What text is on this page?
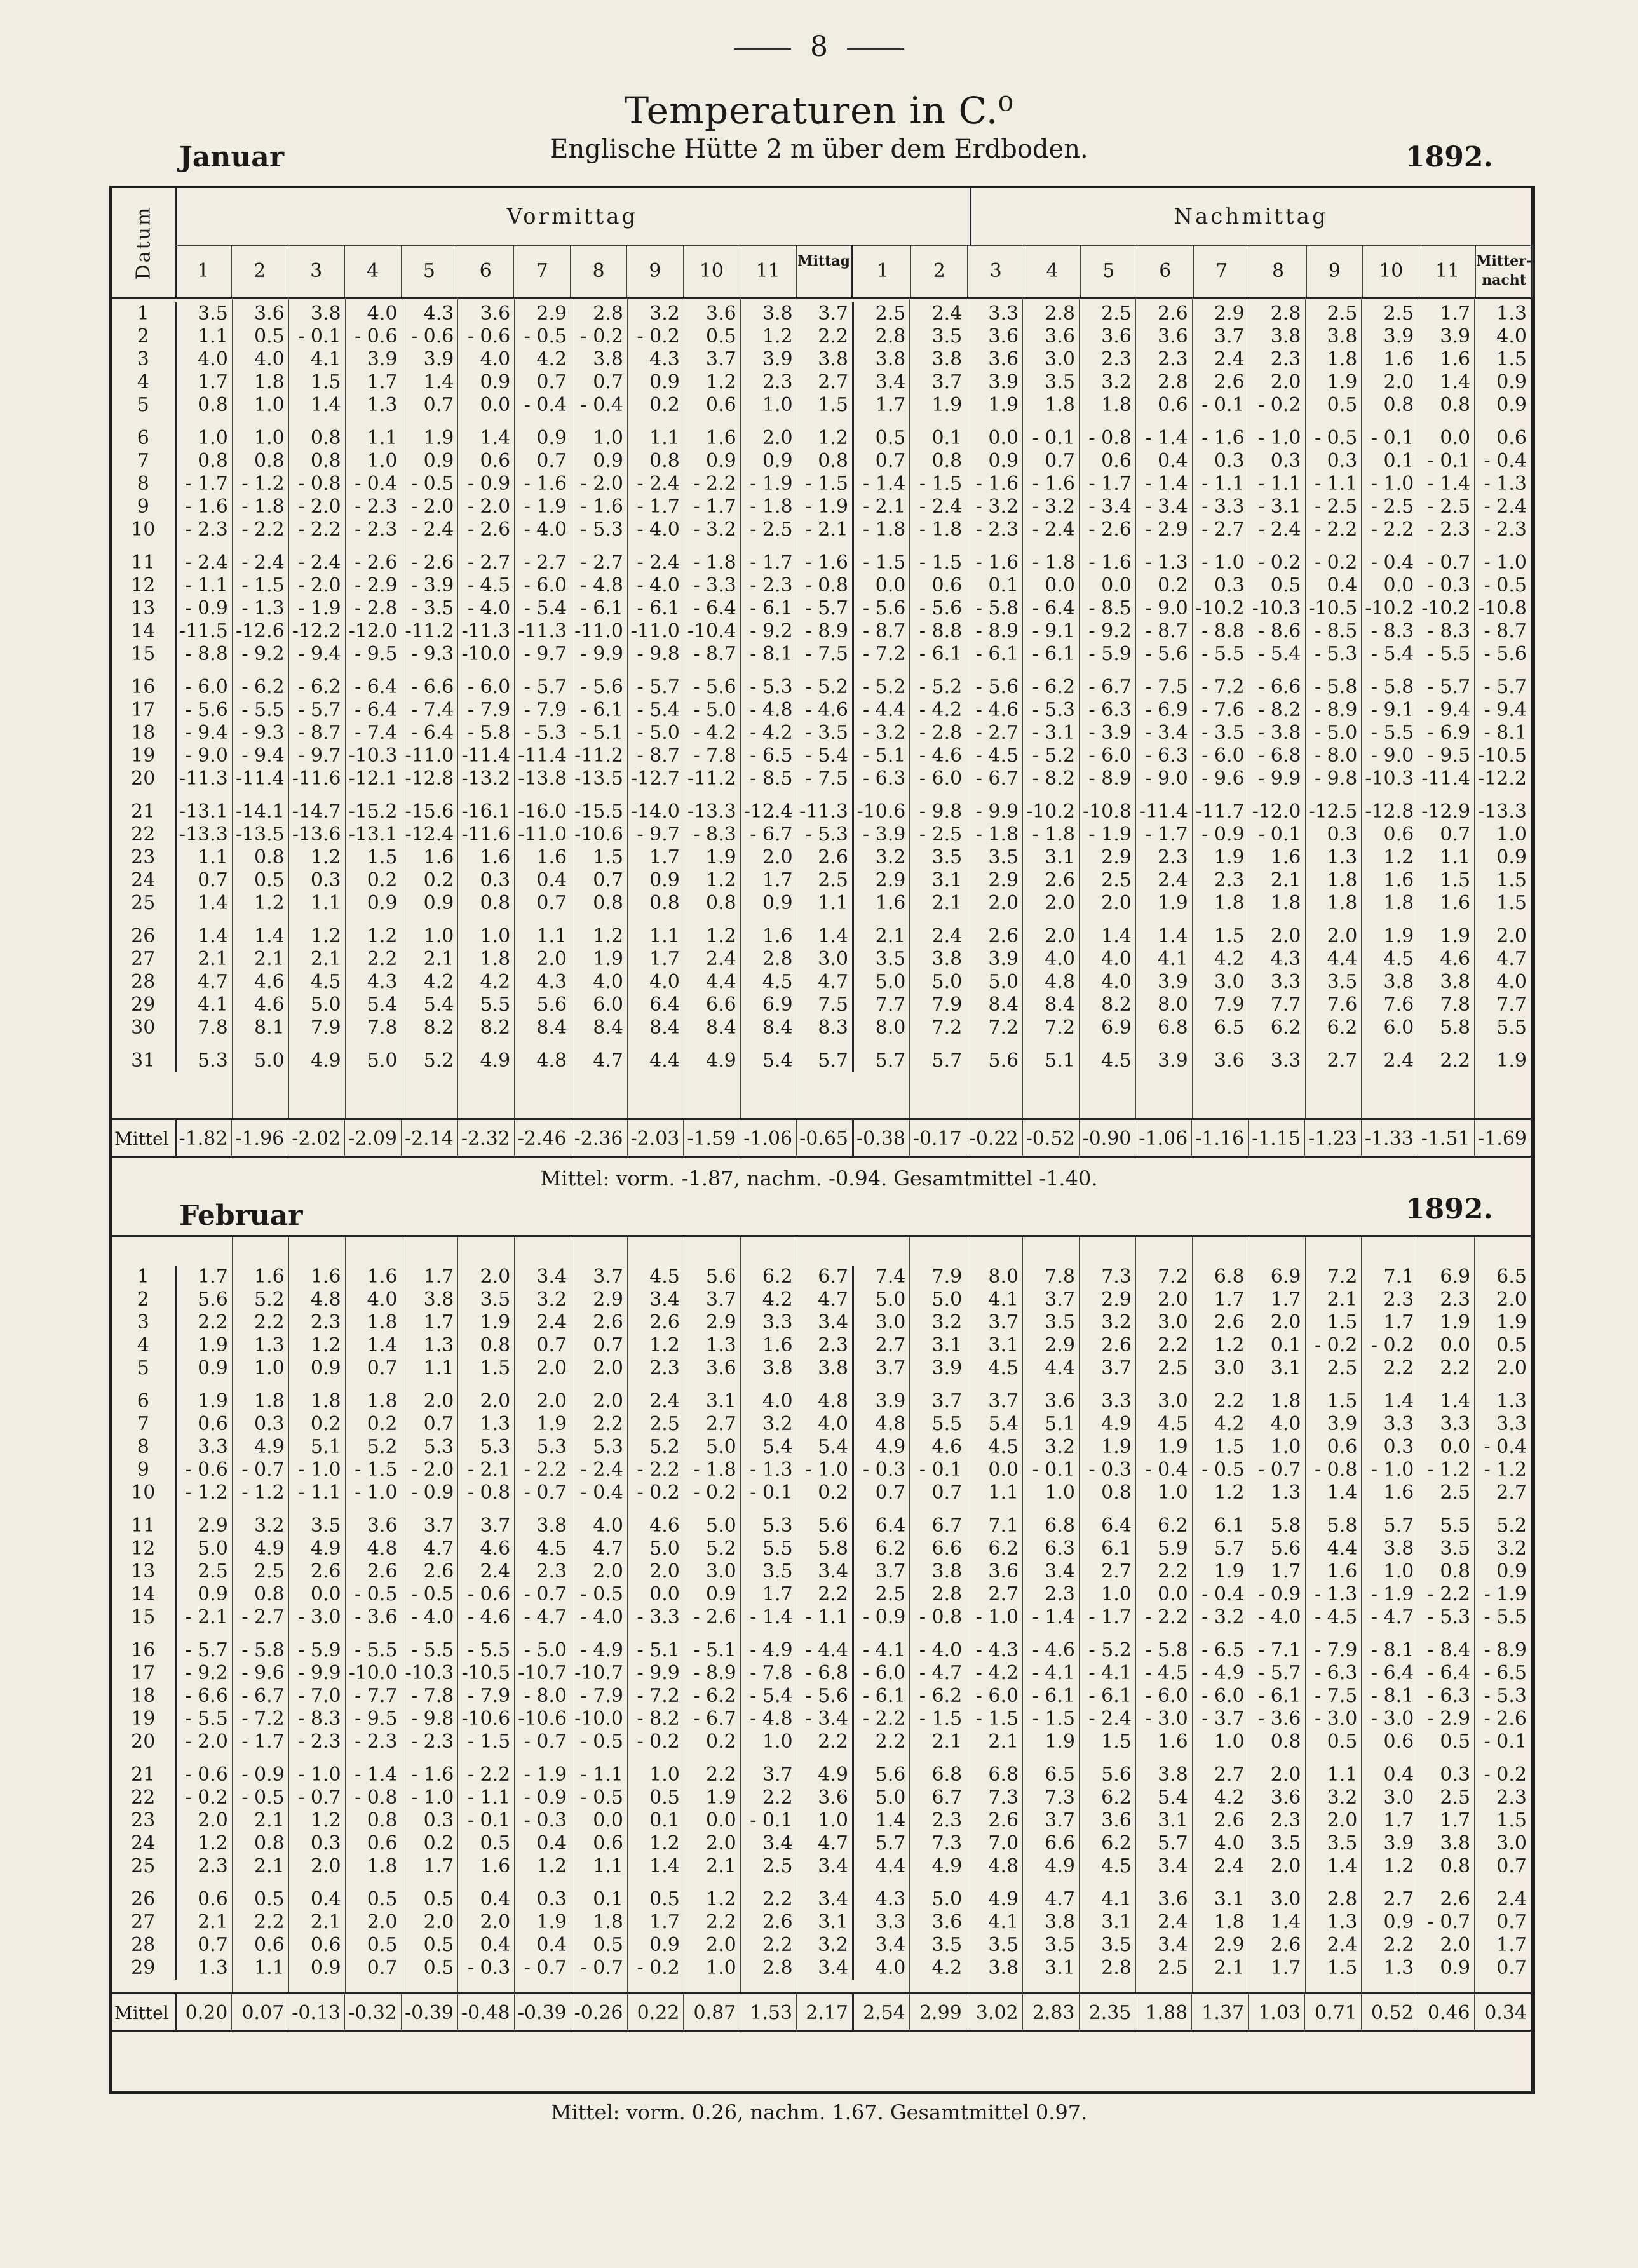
8
Temperaturen in C.⁰
Englische Hütte 2 m über dem Erdboden.
Januar	1892.
Datum	Vormittag	Nachmittag
1	2	3	4	5	6	7	8	9	10	11	Mittag	1	2	3	4	5	6	7	8	9	10	11	Mitter-nacht
1	3.5	3.6	3.8	4.0	4.3	3.6	2.9	2.8	3.2	3.6	3.8	3.7	2.5	2.4	3.3	2.8	2.5	2.6	2.9	2.8	2.5	2.5	1.7	1.3
2	1.1	0.5	- 0.1	- 0.6	- 0.6	- 0.6	- 0.5	- 0.2	- 0.2	0.5	1.2	2.2	2.8	3.5	3.6	3.6	3.6	3.6	3.7	3.8	3.8	3.9	3.9	4.0
3	4.0	4.0	4.1	3.9	3.9	4.0	4.2	3.8	4.3	3.7	3.9	3.8	3.8	3.8	3.6	3.0	2.3	2.3	2.4	2.3	1.8	1.6	1.6	1.5
4	1.7	1.8	1.5	1.7	1.4	0.9	0.7	0.7	0.9	1.2	2.3	2.7	3.4	3.7	3.9	3.5	3.2	2.8	2.6	2.0	1.9	2.0	1.4	0.9
5	0.8	1.0	1.4	1.3	0.7	0.0	- 0.4	- 0.4	0.2	0.6	1.0	1.5	1.7	1.9	1.9	1.8	1.8	0.6	- 0.1	- 0.2	0.5	0.8	0.8	0.9

6	1.0	1.0	0.8	1.1	1.9	1.4	0.9	1.0	1.1	1.6	2.0	1.2	0.5	0.1	0.0	- 0.1	- 0.8	- 1.4	- 1.6	- 1.0	- 0.5	- 0.1	0.0	0.6
7	0.8	0.8	0.8	1.0	0.9	0.6	0.7	0.9	0.8	0.9	0.9	0.8	0.7	0.8	0.9	0.7	0.6	0.4	0.3	0.3	0.3	0.1	- 0.1	- 0.4
8	- 1.7	- 1.2	- 0.8	- 0.4	- 0.5	- 0.9	- 1.6	- 2.0	- 2.4	- 2.2	- 1.9	- 1.5	- 1.4	- 1.5	- 1.6	- 1.6	- 1.7	- 1.4	- 1.1	- 1.1	- 1.1	- 1.0	- 1.4	- 1.3
9	- 1.6	- 1.8	- 2.0	- 2.3	- 2.0	- 2.0	- 1.9	- 1.6	- 1.7	- 1.7	- 1.8	- 1.9	- 2.1	- 2.4	- 3.2	- 3.2	- 3.4	- 3.4	- 3.3	- 3.1	- 2.5	- 2.5	- 2.5	- 2.4
10	- 2.3	- 2.2	- 2.2	- 2.3	- 2.4	- 2.6	- 4.0	- 5.3	- 4.0	- 3.2	- 2.5	- 2.1	- 1.8	- 1.8	- 2.3	- 2.4	- 2.6	- 2.9	- 2.7	- 2.4	- 2.2	- 2.2	- 2.3	- 2.3

11	- 2.4	- 2.4	- 2.4	- 2.6	- 2.6	- 2.7	- 2.7	- 2.7	- 2.4	- 1.8	- 1.7	- 1.6	- 1.5	- 1.5	- 1.6	- 1.8	- 1.6	- 1.3	- 1.0	- 0.2	- 0.2	- 0.4	- 0.7	- 1.0
12	- 1.1	- 1.5	- 2.0	- 2.9	- 3.9	- 4.5	- 6.0	- 4.8	- 4.0	- 3.3	- 2.3	- 0.8	0.0	0.6	0.1	0.0	0.0	0.2	0.3	0.5	0.4	0.0	- 0.3	- 0.5
13	- 0.9	- 1.3	- 1.9	- 2.8	- 3.5	- 4.0	- 5.4	- 6.1	- 6.1	- 6.4	- 6.1	- 5.7	- 5.6	- 5.6	- 5.8	- 6.4	- 8.5	- 9.0	-10.2	-10.3	-10.5	-10.2	-10.2	-10.8
14	-11.5	-12.6	-12.2	-12.0	-11.2	-11.3	-11.3	-11.0	-11.0	-10.4	- 9.2	- 8.9	- 8.7	- 8.8	- 8.9	- 9.1	- 9.2	- 8.7	- 8.8	- 8.6	- 8.5	- 8.3	- 8.3	- 8.7
15	- 8.8	- 9.2	- 9.4	- 9.5	- 9.3	-10.0	- 9.7	- 9.9	- 9.8	- 8.7	- 8.1	- 7.5	- 7.2	- 6.1	- 6.1	- 6.1	- 5.9	- 5.6	- 5.5	- 5.4	- 5.3	- 5.4	- 5.5	- 5.6

16	- 6.0	- 6.2	- 6.2	- 6.4	- 6.6	- 6.0	- 5.7	- 5.6	- 5.7	- 5.6	- 5.3	- 5.2	- 5.2	- 5.2	- 5.6	- 6.2	- 6.7	- 7.5	- 7.2	- 6.6	- 5.8	- 5.8	- 5.7	- 5.7
17	- 5.6	- 5.5	- 5.7	- 6.4	- 7.4	- 7.9	- 7.9	- 6.1	- 5.4	- 5.0	- 4.8	- 4.6	- 4.4	- 4.2	- 4.6	- 5.3	- 6.3	- 6.9	- 7.6	- 8.2	- 8.9	- 9.1	- 9.4	- 9.4
18	- 9.4	- 9.3	- 8.7	- 7.4	- 6.4	- 5.8	- 5.3	- 5.1	- 5.0	- 4.2	- 4.2	- 3.5	- 3.2	- 2.8	- 2.7	- 3.1	- 3.9	- 3.4	- 3.5	- 3.8	- 5.0	- 5.5	- 6.9	- 8.1
19	- 9.0	- 9.4	- 9.7	-10.3	-11.0	-11.4	-11.4	-11.2	- 8.7	- 7.8	- 6.5	- 5.4	- 5.1	- 4.6	- 4.5	- 5.2	- 6.0	- 6.3	- 6.0	- 6.8	- 8.0	- 9.0	- 9.5	-10.5
20	-11.3	-11.4	-11.6	-12.1	-12.8	-13.2	-13.8	-13.5	-12.7	-11.2	- 8.5	- 7.5	- 6.3	- 6.0	- 6.7	- 8.2	- 8.9	- 9.0	- 9.6	- 9.9	- 9.8	-10.3	-11.4	-12.2

21	-13.1	-14.1	-14.7	-15.2	-15.6	-16.1	-16.0	-15.5	-14.0	-13.3	-12.4	-11.3	-10.6	- 9.8	- 9.9	-10.2	-10.8	-11.4	-11.7	-12.0	-12.5	-12.8	-12.9	-13.3
22	-13.3	-13.5	-13.6	-13.1	-12.4	-11.6	-11.0	-10.6	- 9.7	- 8.3	- 6.7	- 5.3	- 3.9	- 2.5	- 1.8	- 1.8	- 1.9	- 1.7	- 0.9	- 0.1	0.3	0.6	0.7	1.0
23	1.1	0.8	1.2	1.5	1.6	1.6	1.6	1.5	1.7	1.9	2.0	2.6	3.2	3.5	3.5	3.1	2.9	2.3	1.9	1.6	1.3	1.2	1.1	0.9
24	0.7	0.5	0.3	0.2	0.2	0.3	0.4	0.7	0.9	1.2	1.7	2.5	2.9	3.1	2.9	2.6	2.5	2.4	2.3	2.1	1.8	1.6	1.5	1.5
25	1.4	1.2	1.1	0.9	0.9	0.8	0.7	0.8	0.8	0.8	0.9	1.1	1.6	2.1	2.0	2.0	2.0	1.9	1.8	1.8	1.8	1.8	1.6	1.5

26	1.4	1.4	1.2	1.2	1.0	1.0	1.1	1.2	1.1	1.2	1.6	1.4	2.1	2.4	2.6	2.0	1.4	1.4	1.5	2.0	2.0	1.9	1.9	2.0
27	2.1	2.1	2.1	2.2	2.1	1.8	2.0	1.9	1.7	2.4	2.8	3.0	3.5	3.8	3.9	4.0	4.0	4.1	4.2	4.3	4.4	4.5	4.6	4.7
28	4.7	4.6	4.5	4.3	4.2	4.2	4.3	4.0	4.0	4.4	4.5	4.7	5.0	5.0	5.0	4.8	4.0	3.9	3.0	3.3	3.5	3.8	3.8	4.0
29	4.1	4.6	5.0	5.4	5.4	5.5	5.6	6.0	6.4	6.6	6.9	7.5	7.7	7.9	8.4	8.4	8.2	8.0	7.9	7.7	7.6	7.6	7.8	7.7
30	7.8	8.1	7.9	7.8	8.2	8.2	8.4	8.4	8.4	8.4	8.4	8.3	8.0	7.2	7.2	7.2	6.9	6.8	6.5	6.2	6.2	6.0	5.8	5.5

31	5.3	5.0	4.9	5.0	5.2	4.9	4.8	4.7	4.4	4.9	5.4	5.7	5.7	5.7	5.6	5.1	4.5	3.9	3.6	3.3	2.7	2.4	2.2	1.9
Mittel	-1.82	-1.96	-2.02	-2.09	-2.14	-2.32	-2.46	-2.36	-2.03	-1.59	-1.06	-0.65	-0.38	-0.17	-0.22	-0.52	-0.90	-1.06	-1.16	-1.15	-1.23	-1.33	-1.51	-1.69
Mittel: vorm. -1.87, nachm. -0.94. Gesamtmittel -1.40.
Februar	1892.
1	1.7	1.6	1.6	1.6	1.7	2.0	3.4	3.7	4.5	5.6	6.2	6.7	7.4	7.9	8.0	7.8	7.3	7.2	6.8	6.9	7.2	7.1	6.9	6.5
2	5.6	5.2	4.8	4.0	3.8	3.5	3.2	2.9	3.4	3.7	4.2	4.7	5.0	5.0	4.1	3.7	2.9	2.0	1.7	1.7	2.1	2.3	2.3	2.0
3	2.2	2.2	2.3	1.8	1.7	1.9	2.4	2.6	2.6	2.9	3.3	3.4	3.0	3.2	3.7	3.5	3.2	3.0	2.6	2.0	1.5	1.7	1.9	1.9
4	1.9	1.3	1.2	1.4	1.3	0.8	0.7	0.7	1.2	1.3	1.6	2.3	2.7	3.1	3.1	2.9	2.6	2.2	1.2	0.1	- 0.2	- 0.2	0.0	0.5
5	0.9	1.0	0.9	0.7	1.1	1.5	2.0	2.0	2.3	3.6	3.8	3.8	3.7	3.9	4.5	4.4	3.7	2.5	3.0	3.1	2.5	2.2	2.2	2.0

6	1.9	1.8	1.8	1.8	2.0	2.0	2.0	2.0	2.4	3.1	4.0	4.8	3.9	3.7	3.7	3.6	3.3	3.0	2.2	1.8	1.5	1.4	1.4	1.3
7	0.6	0.3	0.2	0.2	0.7	1.3	1.9	2.2	2.5	2.7	3.2	4.0	4.8	5.5	5.4	5.1	4.9	4.5	4.2	4.0	3.9	3.3	3.3	3.3
8	3.3	4.9	5.1	5.2	5.3	5.3	5.3	5.3	5.2	5.0	5.4	5.4	4.9	4.6	4.5	3.2	1.9	1.9	1.5	1.0	0.6	0.3	0.0	- 0.4
9	- 0.6	- 0.7	- 1.0	- 1.5	- 2.0	- 2.1	- 2.2	- 2.4	- 2.2	- 1.8	- 1.3	- 1.0	- 0.3	- 0.1	0.0	- 0.1	- 0.3	- 0.4	- 0.5	- 0.7	- 0.8	- 1.0	- 1.2	- 1.2
10	- 1.2	- 1.2	- 1.1	- 1.0	- 0.9	- 0.8	- 0.7	- 0.4	- 0.2	- 0.2	- 0.1	0.2	0.7	0.7	1.1	1.0	0.8	1.0	1.2	1.3	1.4	1.6	2.5	2.7

11	2.9	3.2	3.5	3.6	3.7	3.7	3.8	4.0	4.6	5.0	5.3	5.6	6.4	6.7	7.1	6.8	6.4	6.2	6.1	5.8	5.8	5.7	5.5	5.2
12	5.0	4.9	4.9	4.8	4.7	4.6	4.5	4.7	5.0	5.2	5.5	5.8	6.2	6.6	6.2	6.3	6.1	5.9	5.7	5.6	4.4	3.8	3.5	3.2
13	2.5	2.5	2.6	2.6	2.6	2.4	2.3	2.0	2.0	3.0	3.5	3.4	3.7	3.8	3.6	3.4	2.7	2.2	1.9	1.7	1.6	1.0	0.8	0.9
14	0.9	0.8	0.0	- 0.5	- 0.5	- 0.6	- 0.7	- 0.5	0.0	0.9	1.7	2.2	2.5	2.8	2.7	2.3	1.0	0.0	- 0.4	- 0.9	- 1.3	- 1.9	- 2.2	- 1.9
15	- 2.1	- 2.7	- 3.0	- 3.6	- 4.0	- 4.6	- 4.7	- 4.0	- 3.3	- 2.6	- 1.4	- 1.1	- 0.9	- 0.8	- 1.0	- 1.4	- 1.7	- 2.2	- 3.2	- 4.0	- 4.5	- 4.7	- 5.3	- 5.5

16	- 5.7	- 5.8	- 5.9	- 5.5	- 5.5	- 5.5	- 5.0	- 4.9	- 5.1	- 5.1	- 4.9	- 4.4	- 4.1	- 4.0	- 4.3	- 4.6	- 5.2	- 5.8	- 6.5	- 7.1	- 7.9	- 8.1	- 8.4	- 8.9
17	- 9.2	- 9.6	- 9.9	-10.0	-10.3	-10.5	-10.7	-10.7	- 9.9	- 8.9	- 7.8	- 6.8	- 6.0	- 4.7	- 4.2	- 4.1	- 4.1	- 4.5	- 4.9	- 5.7	- 6.3	- 6.4	- 6.4	- 6.5
18	- 6.6	- 6.7	- 7.0	- 7.7	- 7.8	- 7.9	- 8.0	- 7.9	- 7.2	- 6.2	- 5.4	- 5.6	- 6.1	- 6.2	- 6.0	- 6.1	- 6.1	- 6.0	- 6.0	- 6.1	- 7.5	- 8.1	- 6.3	- 5.3
19	- 5.5	- 7.2	- 8.3	- 9.5	- 9.8	-10.6	-10.6	-10.0	- 8.2	- 6.7	- 4.8	- 3.4	- 2.2	- 1.5	- 1.5	- 1.5	- 2.4	- 3.0	- 3.7	- 3.6	- 3.0	- 3.0	- 2.9	- 2.6
20	- 2.0	- 1.7	- 2.3	- 2.3	- 2.3	- 1.5	- 0.7	- 0.5	- 0.2	0.2	1.0	2.2	2.2	2.1	2.1	1.9	1.5	1.6	1.0	0.8	0.5	0.6	0.5	- 0.1

21	- 0.6	- 0.9	- 1.0	- 1.4	- 1.6	- 2.2	- 1.9	- 1.1	1.0	2.2	3.7	4.9	5.6	6.8	6.8	6.5	5.6	3.8	2.7	2.0	1.1	0.4	0.3	- 0.2
22	- 0.2	- 0.5	- 0.7	- 0.8	- 1.0	- 1.1	- 0.9	- 0.5	0.5	1.9	2.2	3.6	5.0	6.7	7.3	7.3	6.2	5.4	4.2	3.6	3.2	3.0	2.5	2.3
23	2.0	2.1	1.2	0.8	0.3	- 0.1	- 0.3	0.0	0.1	0.0	- 0.1	1.0	1.4	2.3	2.6	3.7	3.6	3.1	2.6	2.3	2.0	1.7	1.7	1.5
24	1.2	0.8	0.3	0.6	0.2	0.5	0.4	0.6	1.2	2.0	3.4	4.7	5.7	7.3	7.0	6.6	6.2	5.7	4.0	3.5	3.5	3.9	3.8	3.0
25	2.3	2.1	2.0	1.8	1.7	1.6	1.2	1.1	1.4	2.1	2.5	3.4	4.4	4.9	4.8	4.9	4.5	3.4	2.4	2.0	1.4	1.2	0.8	0.7

26	0.6	0.5	0.4	0.5	0.5	0.4	0.3	0.1	0.5	1.2	2.2	3.4	4.3	5.0	4.9	4.7	4.1	3.6	3.1	3.0	2.8	2.7	2.6	2.4
27	2.1	2.2	2.1	2.0	2.0	2.0	1.9	1.8	1.7	2.2	2.6	3.1	3.3	3.6	4.1	3.8	3.1	2.4	1.8	1.4	1.3	0.9	- 0.7	0.7
28	0.7	0.6	0.6	0.5	0.5	0.4	0.4	0.5	0.9	2.0	2.2	3.2	3.4	3.5	3.5	3.5	3.5	3.4	2.9	2.6	2.4	2.2	2.0	1.7
29	1.3	1.1	0.9	0.7	0.5	- 0.3	- 0.7	- 0.7	- 0.2	1.0	2.8	3.4	4.0	4.2	3.8	3.1	2.8	2.5	2.1	1.7	1.5	1.3	0.9	0.7
Mittel	0.20	0.07	-0.13	-0.32	-0.39	-0.48	-0.39	-0.26	0.22	0.87	1.53	2.17	2.54	2.99	3.02	2.83	2.35	1.88	1.37	1.03	0.71	0.52	0.46	0.34
Mittel: vorm. 0.26, nachm. 1.67. Gesamtmittel 0.97.
